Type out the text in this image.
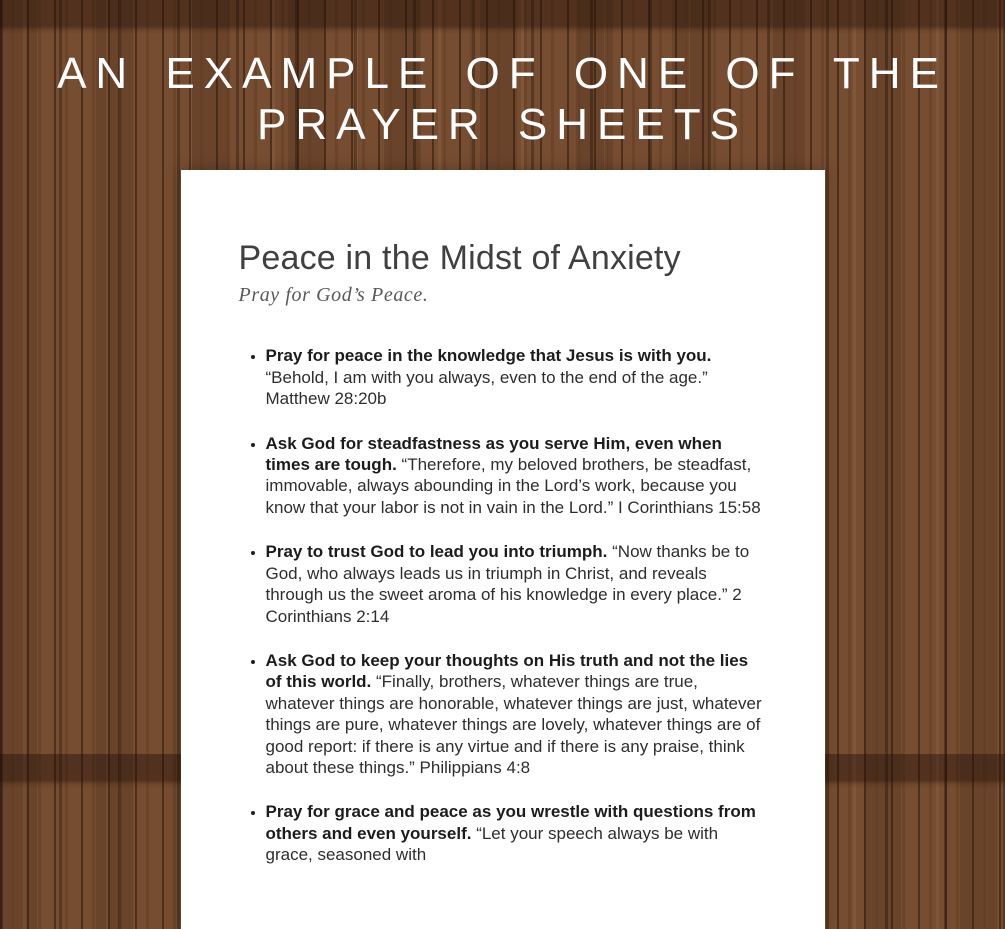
AN EXAMPLE OF ONE OF THE
PRAYER SHEETS
Peace in the Midst of Anxiety

Pray for God’s Peace.

• Pray for peace in the knowledge that Jesus is with you. “Behold, I am with you always, even to the end of the age.” Matthew 28:20b
• Ask God for steadfastness as you serve Him, even when times are tough. “Therefore, my beloved brothers, be steadfast, immovable, always abounding in the Lord’s work, because you know that your labor is not in vain in the Lord.” I Corinthians 15:58
• Pray to trust God to lead you into triumph. “Now thanks be to God, who always leads us in triumph in Christ, and reveals through us the sweet aroma of his knowledge in every place.” 2 Corinthians 2:14
• Ask God to keep your thoughts on His truth and not the lies of this world. “Finally, brothers, whatever things are true, whatever things are honorable, whatever things are just, whatever things are pure, whatever things are lovely, whatever things are of good report: if there is any virtue and if there is any praise, think about these things.” Philippians 4:8
• Pray for grace and peace as you wrestle with questions from others and even yourself. “Let your speech always be with grace, seasoned with
